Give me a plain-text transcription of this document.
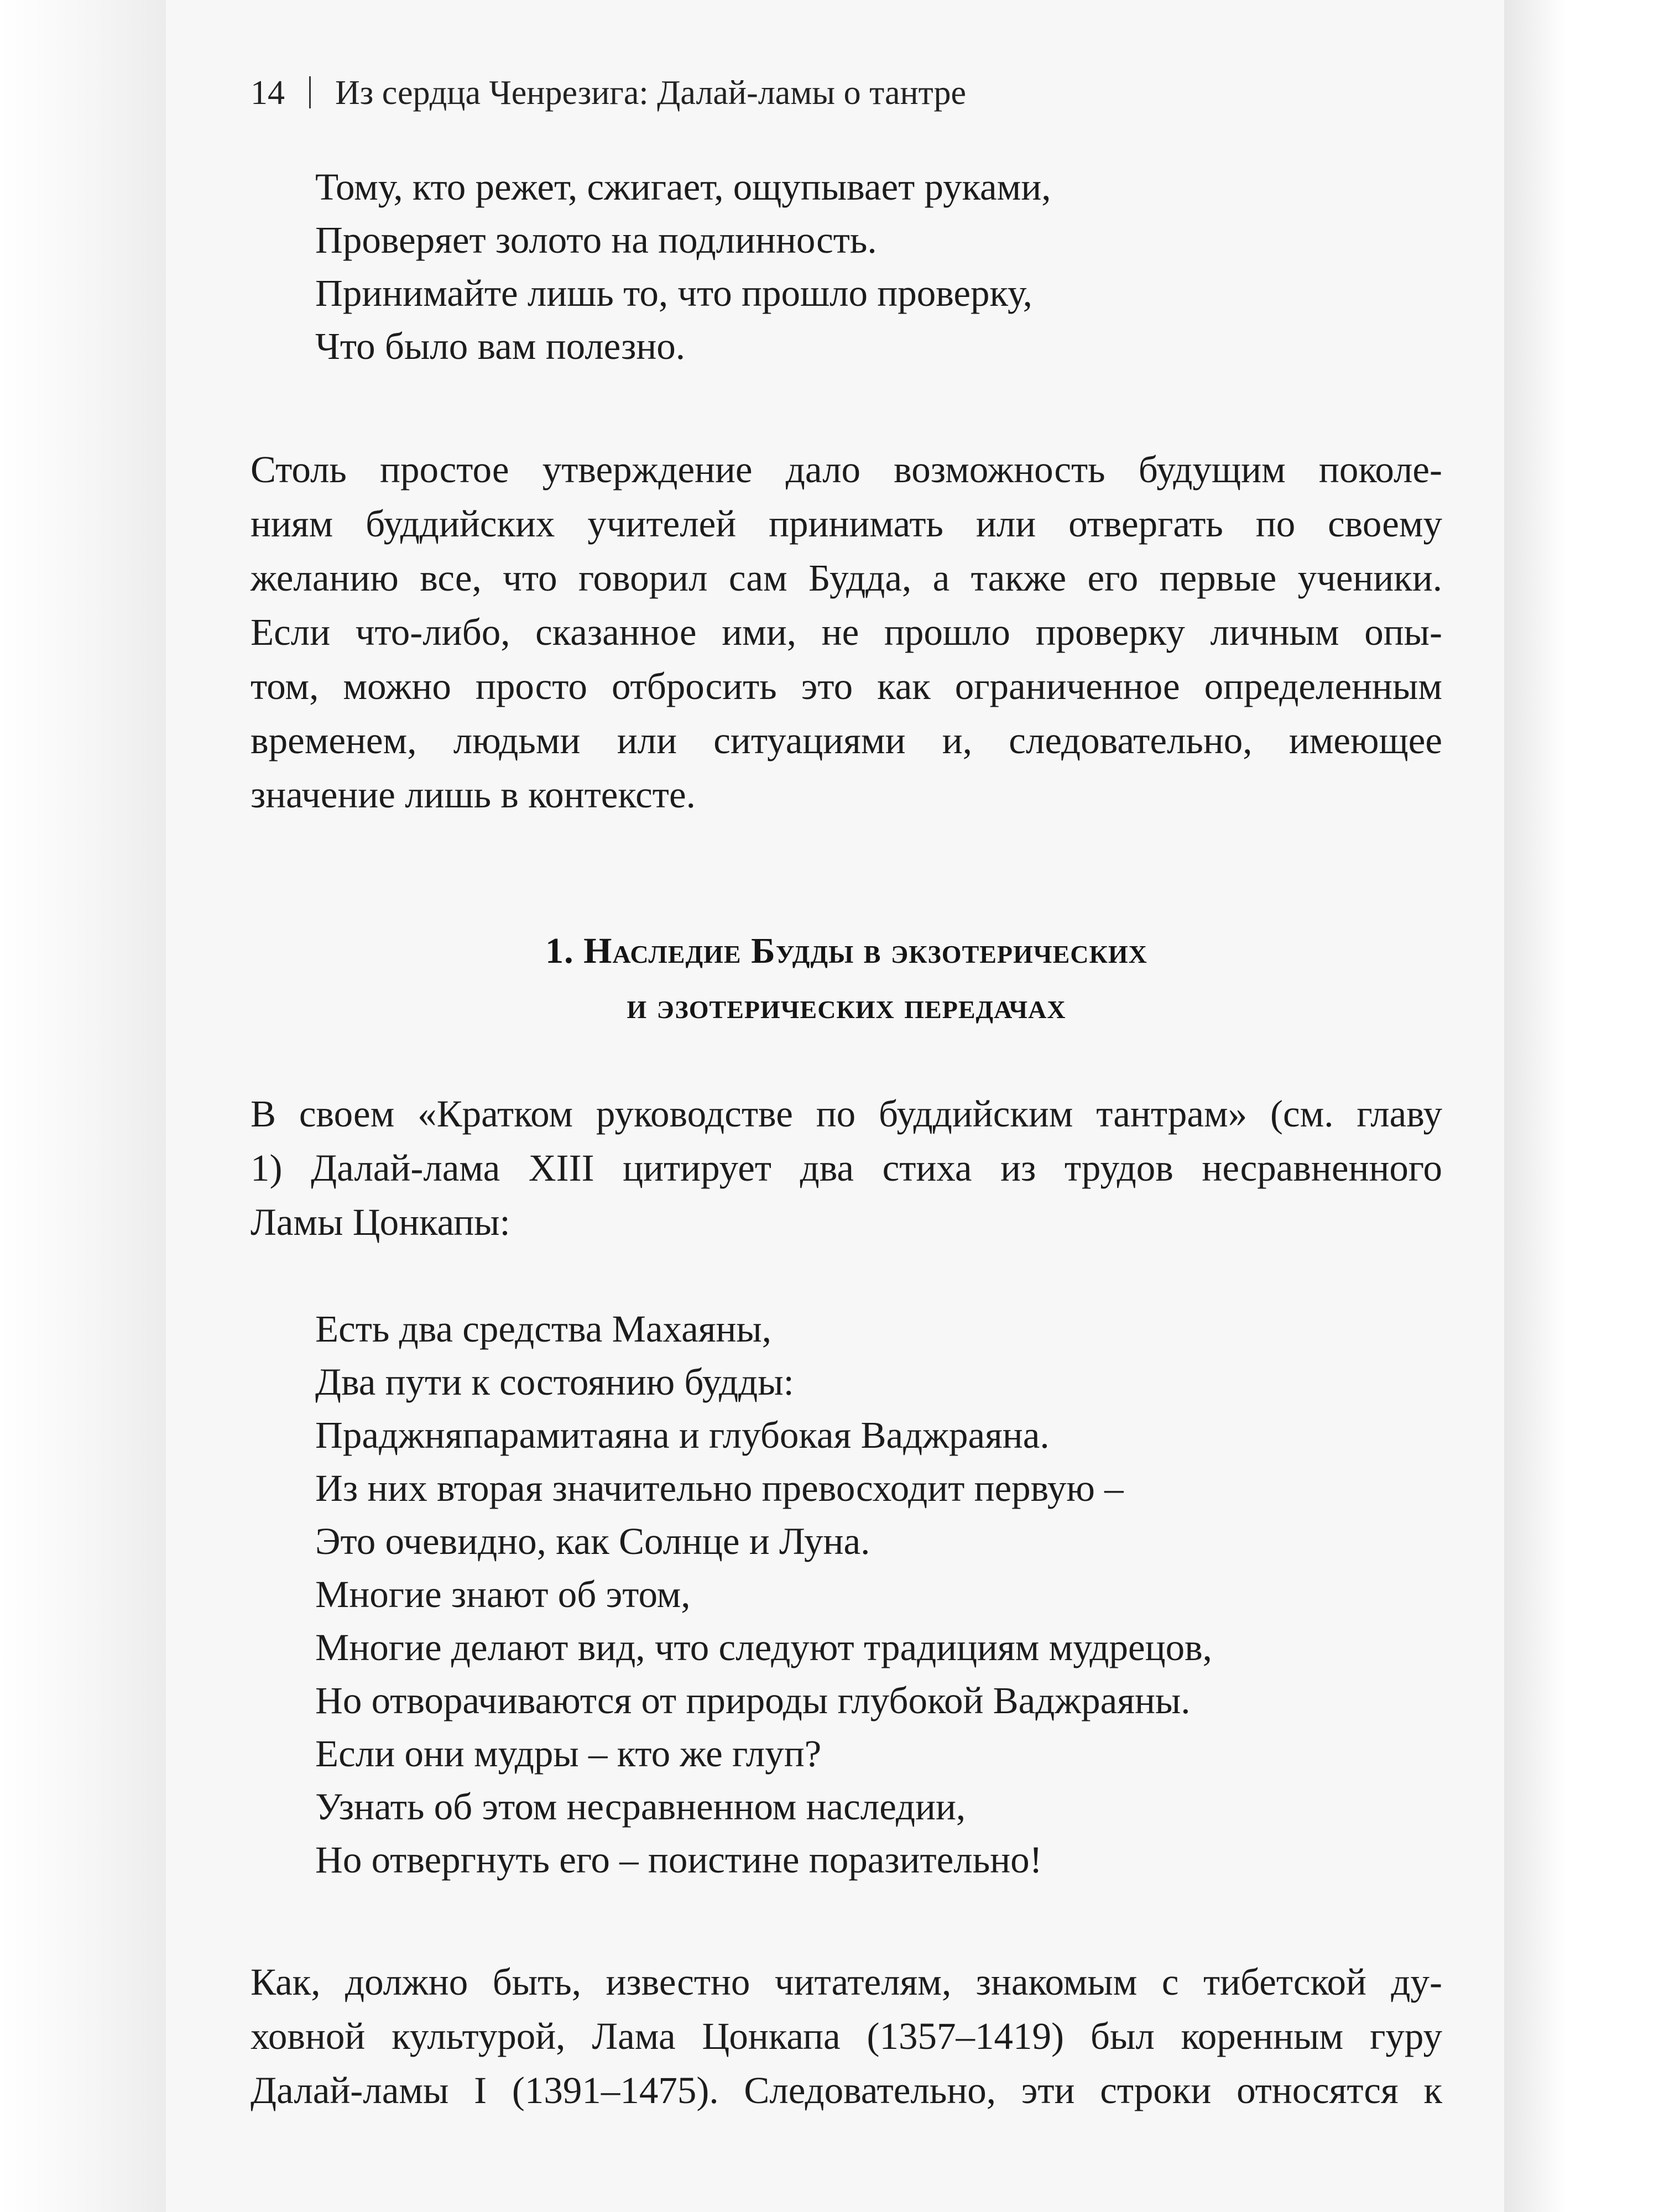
14 Из сердца Ченрезига: Далай-ламы о тантре
Тому, кто режет, сжигает, ощупывает руками,
Проверяет золото на подлинность.
Принимайте лишь то, что прошло проверку,
Что было вам полезно.
Столь простое утверждение дало возможность будущим поколе-
ниям буддийских учителей принимать или отвергать по своему
желанию все, что говорил сам Будда, а также его первые ученики.
Если что-либо, сказанное ими, не прошло проверку личным опы-
том, можно просто отбросить это как ограниченное определенным
временем, людьми или ситуациями и, следовательно, имеющее
значение лишь в контексте.
1. Наследие Будды в экзотерических
и эзотерических передачах
В своем «Кратком руководстве по буддийским тантрам» (см. главу
1) Далай-лама XIII цитирует два стиха из трудов несравненного
Ламы Цонкапы:
Есть два средства Махаяны,
Два пути к состоянию будды:
Праджняпарамитаяна и глубокая Ваджраяна.
Из них вторая значительно превосходит первую –
Это очевидно, как Солнце и Луна.
Многие знают об этом,
Многие делают вид, что следуют традициям мудрецов,
Но отворачиваются от природы глубокой Ваджраяны.
Если они мудры – кто же глуп?
Узнать об этом несравненном наследии,
Но отвергнуть его – поистине поразительно!
Как, должно быть, известно читателям, знакомым с тибетской ду-
ховной культурой, Лама Цонкапа (1357–1419) был коренным гуру
Далай-ламы I (1391–1475). Следовательно, эти строки относятся к
